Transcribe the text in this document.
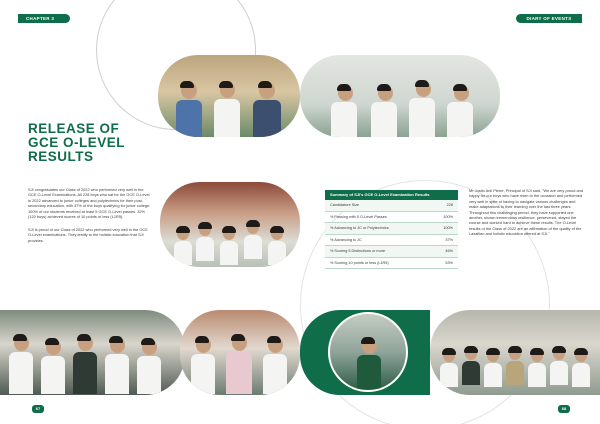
CHAPTER 3	DIARY OF EVENTS
RELEASE OF
GCE O-LEVEL
RESULTS

SJI congratulates our Class of 2022 who performed very well in the GCE O-Level Examinations. All 228 boys who sat for the GCE O-Level in 2022 advanced to junior colleges and polytechnics for their post-secondary education, with 37% of the boys qualifying for junior college. 100% of our students received at least 5 GCE O-Level passes. 32% (120 boys) achieved scores of 10 points or less (L1R5).

SJI is proud of our Class of 2022 who performed very well in the GCE O-Level examinations. They testify to the holistic education that SJI provides.

Summary of SJI's GCE O-Level Examination Results
Candidature Size	228
% Passing with 5 O-Level Passes	100%
% Advancing to JC or Polytechnics	100%
% Advancing to JC	37%
% Scoring 5 Distinctions or more	46%
% Scoring 10 points or less (L1R5)	53%

Mr Justin Anil Pierre, Principal of SJI said, "We are very proud and happy for our boys who have risen to the occasion and performed very well in spite of having to navigate various challenges and make adaptations to their learning over the last three years. Throughout this challenging period, they have supported one another, shown tremendous resilience, persevered, stayed the course and worked hard to achieve these results. The O-Level results of the Class of 2022 are an affirmation of the quality of the Lasallian and holistic education offered at SJI."

67	68
